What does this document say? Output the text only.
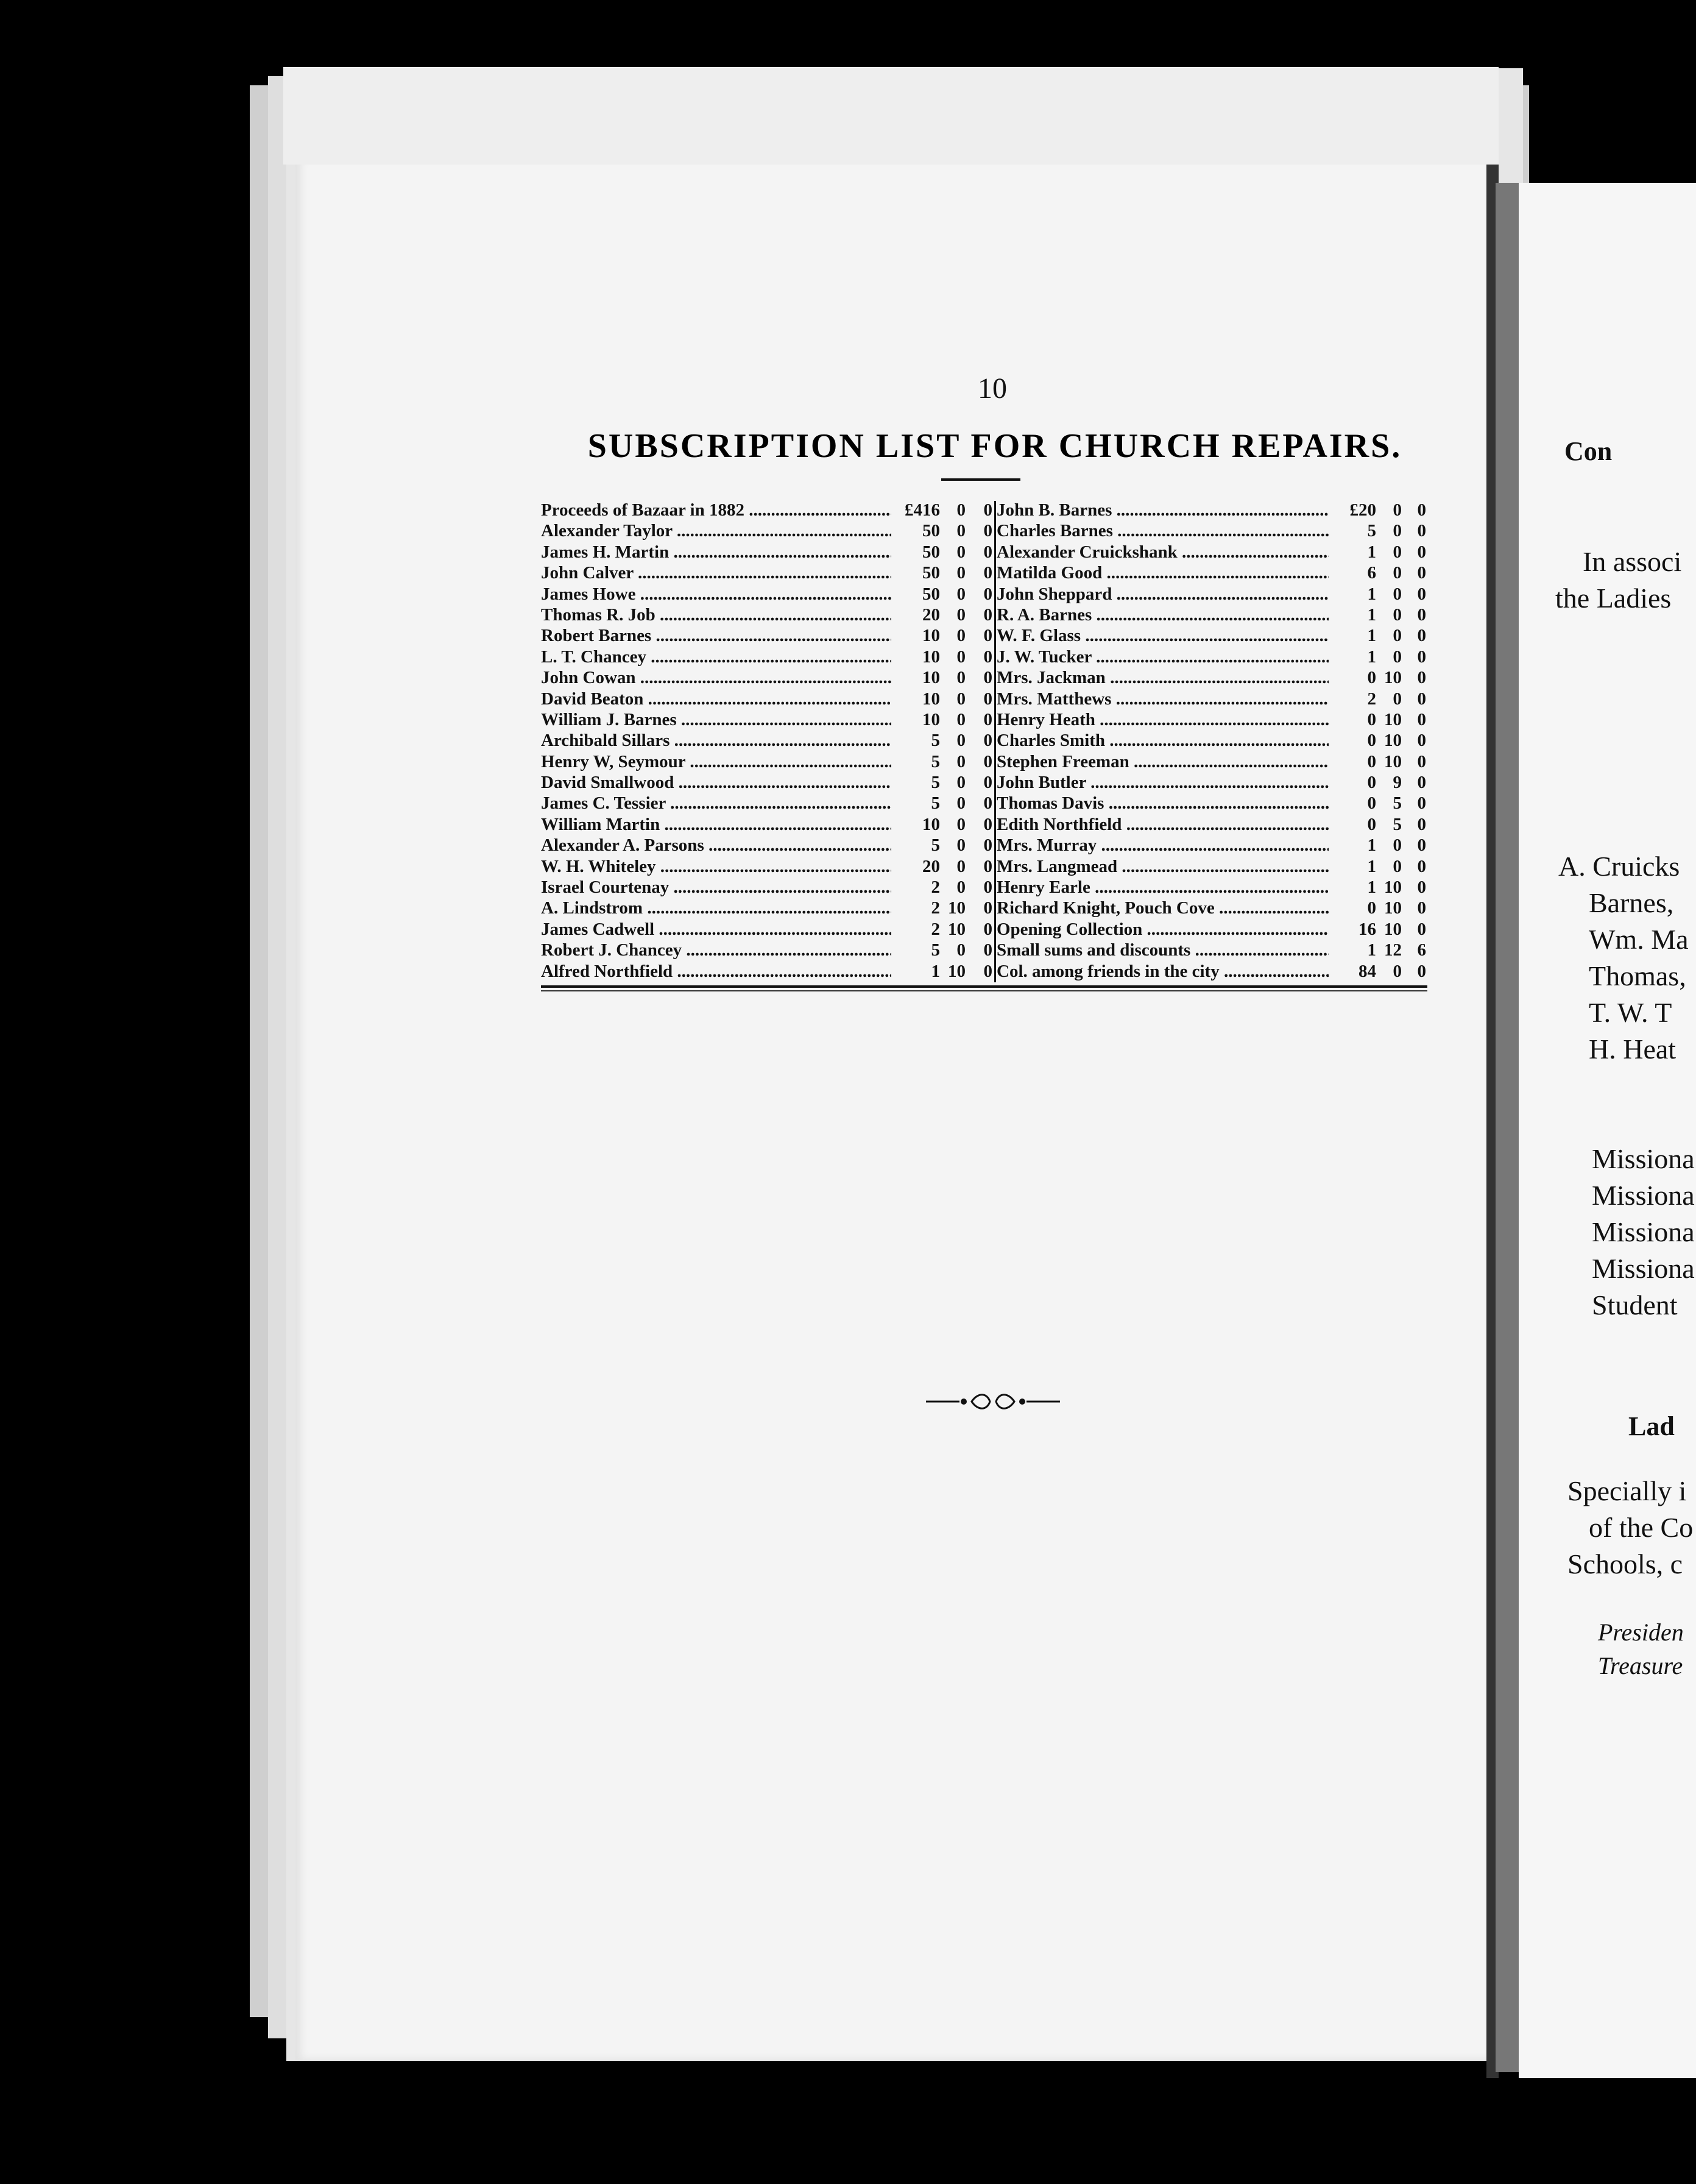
10
SUBSCRIPTION LIST FOR CHURCH REPAIRS.
Proceeds of Bazaar in 1882 .....	£416 0	0
Alexander Taylor .....	50 0	0
James H. Martin .....	50 0	0
John Calver .....	50 0	0
James Howe .....	50 0	0
Thomas R. Job .....	20 0	0
Robert Barnes .....	10 0	0
L. T. Chancey .....	10 0	0
John Cowan .....	10 0	0
David Beaton .....	10 0	0
William J. Barnes .....	10 0	0
Archibald Sillars .....	5 0	0
Henry W, Seymour .....	5 0	0
David Smallwood .....	5 0	0
James C. Tessier .....	5 0	0
William Martin .....	10 0	0
Alexander A. Parsons .....	5 0	0
W. H. Whiteley .....	20 0	0
Israel Courtenay .....	2 0	0
A. Lindstrom .....	2 10	0
James Cadwell .....	2 10	0
Robert J. Chancey .....	5 0	0
Alfred Northfield .....	1 10	0
John B. Barnes .....	£20 0 0
Charles Barnes .....	5 0 0
Alexander Cruickshank .....	1 0 0
Matilda Good .....	6 0 0
John Sheppard .....	1 0 0
R. A. Barnes .....	1 0 0
W. F. Glass .....	1 0 0
J. W. Tucker .....	1 0 0
Mrs. Jackman .....	0 10 0
Mrs. Matthews .....	2 0 0
Henry Heath .....	0 10 0
Charles Smith .....	0 10 0
Stephen Freeman .....	0 10 0
John Butler .....	0 9 0
Thomas Davis .....	0 5 0
Edith Northfield .....	0 5 0
Mrs. Murray .....	1 0 0
Mrs. Langmead .....	1 0 0
Henry Earle .....	1 10 0
Richard Knight, Pouch Cove .....	0 10 0
Opening Collection .....	16 10 0
Small sums and discounts .....	1 12 6
Col. among friends in the city .....	84 0 0
Con
In associ
the Ladies
A. Cruicks
Barnes,
Wm. Ma
Thomas,
T. W. T
H. Heat
Missiona
Missiona
Missiona
Missiona
Student
Lad
Specially i
of the Co
Schools, c
Presiden
Treasure
